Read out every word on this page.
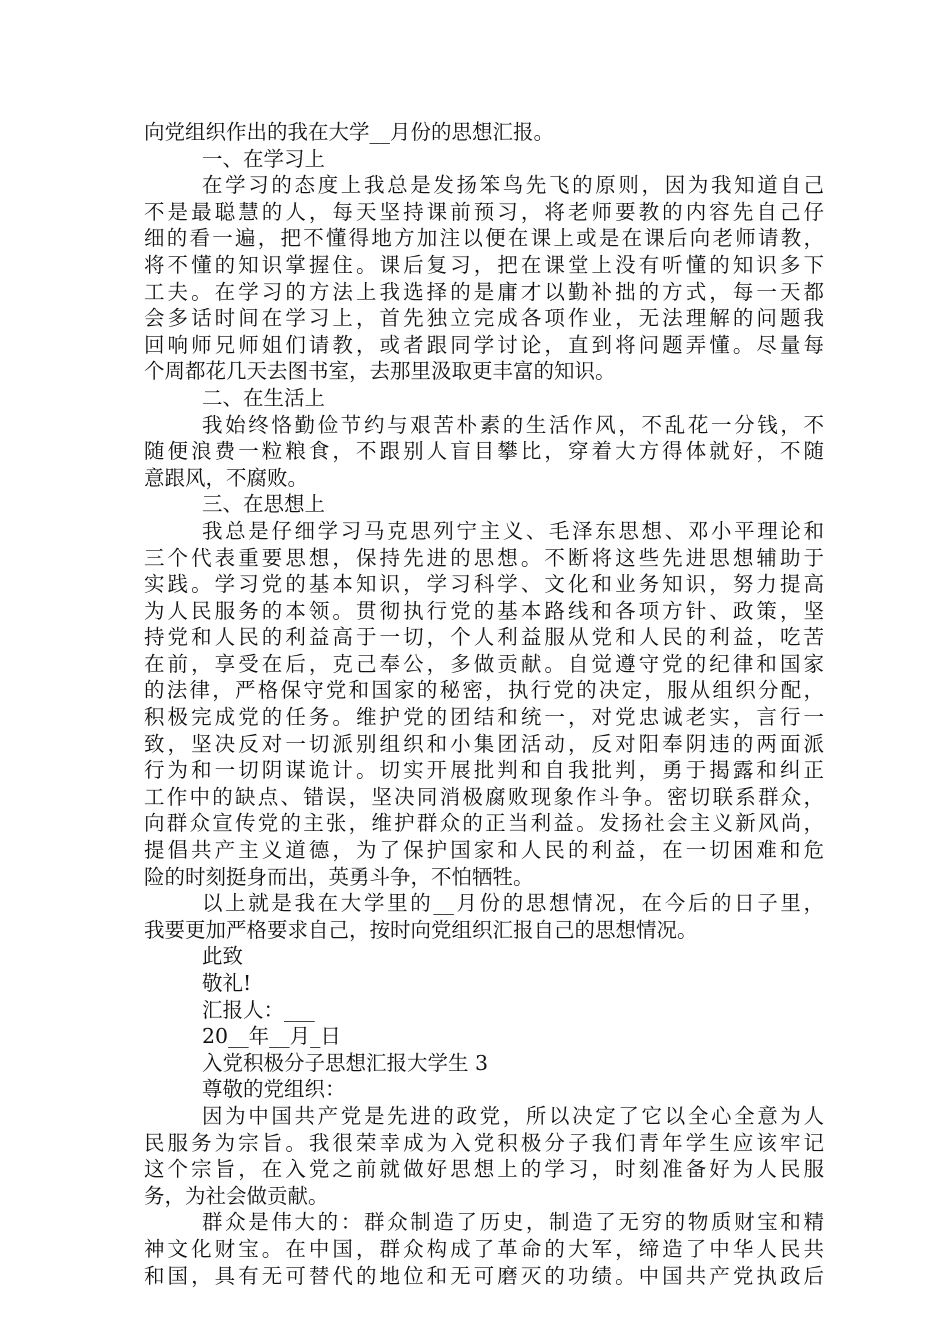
向党组织作出的我在大学__月份的思想汇报。
一、在学习上
在学习的态度上我总是发扬笨鸟先飞的原则，因为我知道自己
不是最聪慧的人，每天坚持课前预习，将老师要教的内容先自己仔
细的看一遍，把不懂得地方加注以便在课上或是在课后向老师请教，
将不懂的知识掌握住。课后复习，把在课堂上没有听懂的知识多下
工夫。在学习的方法上我选择的是庸才以勤补拙的方式，每一天都
会多话时间在学习上，首先独立完成各项作业，无法理解的问题我
回响师兄师姐们请教，或者跟同学讨论，直到将问题弄懂。尽量每
个周都花几天去图书室，去那里汲取更丰富的知识。
二、在生活上
我始终恪勤俭节约与艰苦朴素的生活作风，不乱花一分钱，不
随便浪费一粒粮食，不跟别人盲目攀比，穿着大方得体就好，不随
意跟风，不腐败。
三、在思想上
我总是仔细学习马克思列宁主义、毛泽东思想、邓小平理论和
三个代表重要思想，保持先进的思想。不断将这些先进思想辅助于
实践。学习党的基本知识，学习科学、文化和业务知识，努力提高
为人民服务的本领。贯彻执行党的基本路线和各项方针、政策，坚
持党和人民的利益高于一切，个人利益服从党和人民的利益，吃苦
在前，享受在后，克己奉公，多做贡献。自觉遵守党的纪律和国家
的法律，严格保守党和国家的秘密，执行党的决定，服从组织分配，
积极完成党的任务。维护党的团结和统一，对党忠诚老实，言行一
致，坚决反对一切派别组织和小集团活动，反对阳奉阴违的两面派
行为和一切阴谋诡计。切实开展批判和自我批判，勇于揭露和纠正
工作中的缺点、错误，坚决同消极腐败现象作斗争。密切联系群众，
向群众宣传党的主张，维护群众的正当利益。发扬社会主义新风尚，
提倡共产主义道德，为了保护国家和人民的利益，在一切困难和危
险的时刻挺身而出，英勇斗争，不怕牺牲。
以上就是我在大学里的__月份的思想情况，在今后的日子里，
我要更加严格要求自己，按时向党组织汇报自己的思想情况。
此致
敬礼!
汇报人：___
20__年__月_日
入党积极分子思想汇报大学生 3
尊敬的党组织：
因为中国共产党是先进的政党，所以决定了它以全心全意为人
民服务为宗旨。我很荣幸成为入党积极分子我们青年学生应该牢记
这个宗旨，在入党之前就做好思想上的学习，时刻准备好为人民服
务，为社会做贡献。
群众是伟大的：群众制造了历史，制造了无穷的物质财宝和精
神文化财宝。在中国，群众构成了革命的大军，缔造了中华人民共
和国，具有无可替代的地位和无可磨灭的功绩。中国共产党执政后
